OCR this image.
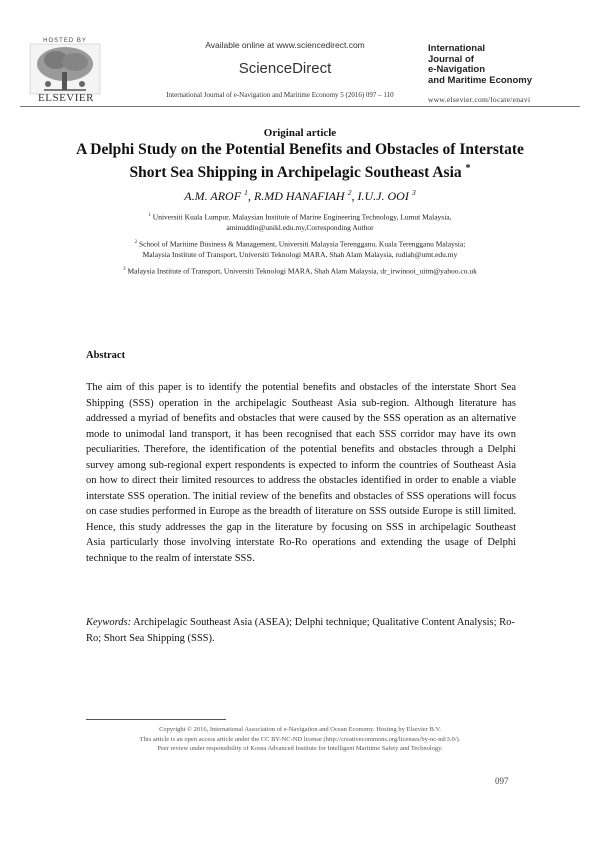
HOSTED BY
ELSEVIER
Available online at www.sciencedirect.com
ScienceDirect
International Journal of e-Navigation and Maritime Economy 5 (2016) 097 – 110
International
Journal of
e-Navigation
and Maritime Economy
www.elsevier.com/locate/enavi
Original article
A Delphi Study on the Potential Benefits and Obstacles of Interstate
Short Sea Shipping in Archipelagic Southeast Asia *
A.M. AROF $^1$, R.MD HANAFIAH $^2$, I.U.J. OOI $^3$
$^1$ Universiti Kuala Lumpur, Malaysian Institute of Marine Engineering Technology, Lumut Malaysia,
aminuddin@unikl.edu.my,Corresponding Author
$^2$ School of Maritime Business & Management, Universiti Malaysia Terengganu, Kuala Terengganu Malaysia;
Malaysia Institute of Transport, Universiti Teknologi MARA, Shah Alam Malaysia, rudiah@umt.edu.my
$^3$ Malaysia Institute of Transport, Universiti Teknologi MARA, Shah Alam Malaysia, dr_irwinooi_uitm@yahoo.co.uk
Abstract
The aim of this paper is to identify the potential benefits and obstacles of the interstate Short Sea Shipping (SSS) operation in the archipelagic Southeast Asia sub-region. Although literature has addressed a myriad of benefits and obstacles that were caused by the SSS operation as an alternative mode to unimodal land transport, it has been recognised that each SSS corridor may have its own peculiarities. Therefore, the identification of the potential benefits and obstacles through a Delphi survey among sub-regional expert respondents is expected to inform the countries of Southeast Asia on how to direct their limited resources to address the obstacles identified in order to enable a viable interstate SSS operation. The initial review of the benefits and obstacles of SSS operations will focus on case studies performed in Europe as the breadth of literature on SSS outside Europe is still limited. Hence, this study addresses the gap in the literature by focusing on SSS in archipelagic Southeast Asia particularly those involving interstate Ro-Ro operations and extending the usage of Delphi technique to the realm of interstate SSS.
Keywords: Archipelagic Southeast Asia (ASEA); Delphi technique; Qualitative Content Analysis; Ro-Ro; Short Sea Shipping (SSS).
Copyright © 2016, International Association of e-Navigation and Ocean Economy. Hosting by Elsevier B.V.
This article is an open access article under the CC BY-NC-ND license (http://creativecommons.org/licenses/by-nc-nd/3.0/).
Peer review under responsibility of Korea Advanced Institute for Intelligent Maritime Safety and Technology.
097
